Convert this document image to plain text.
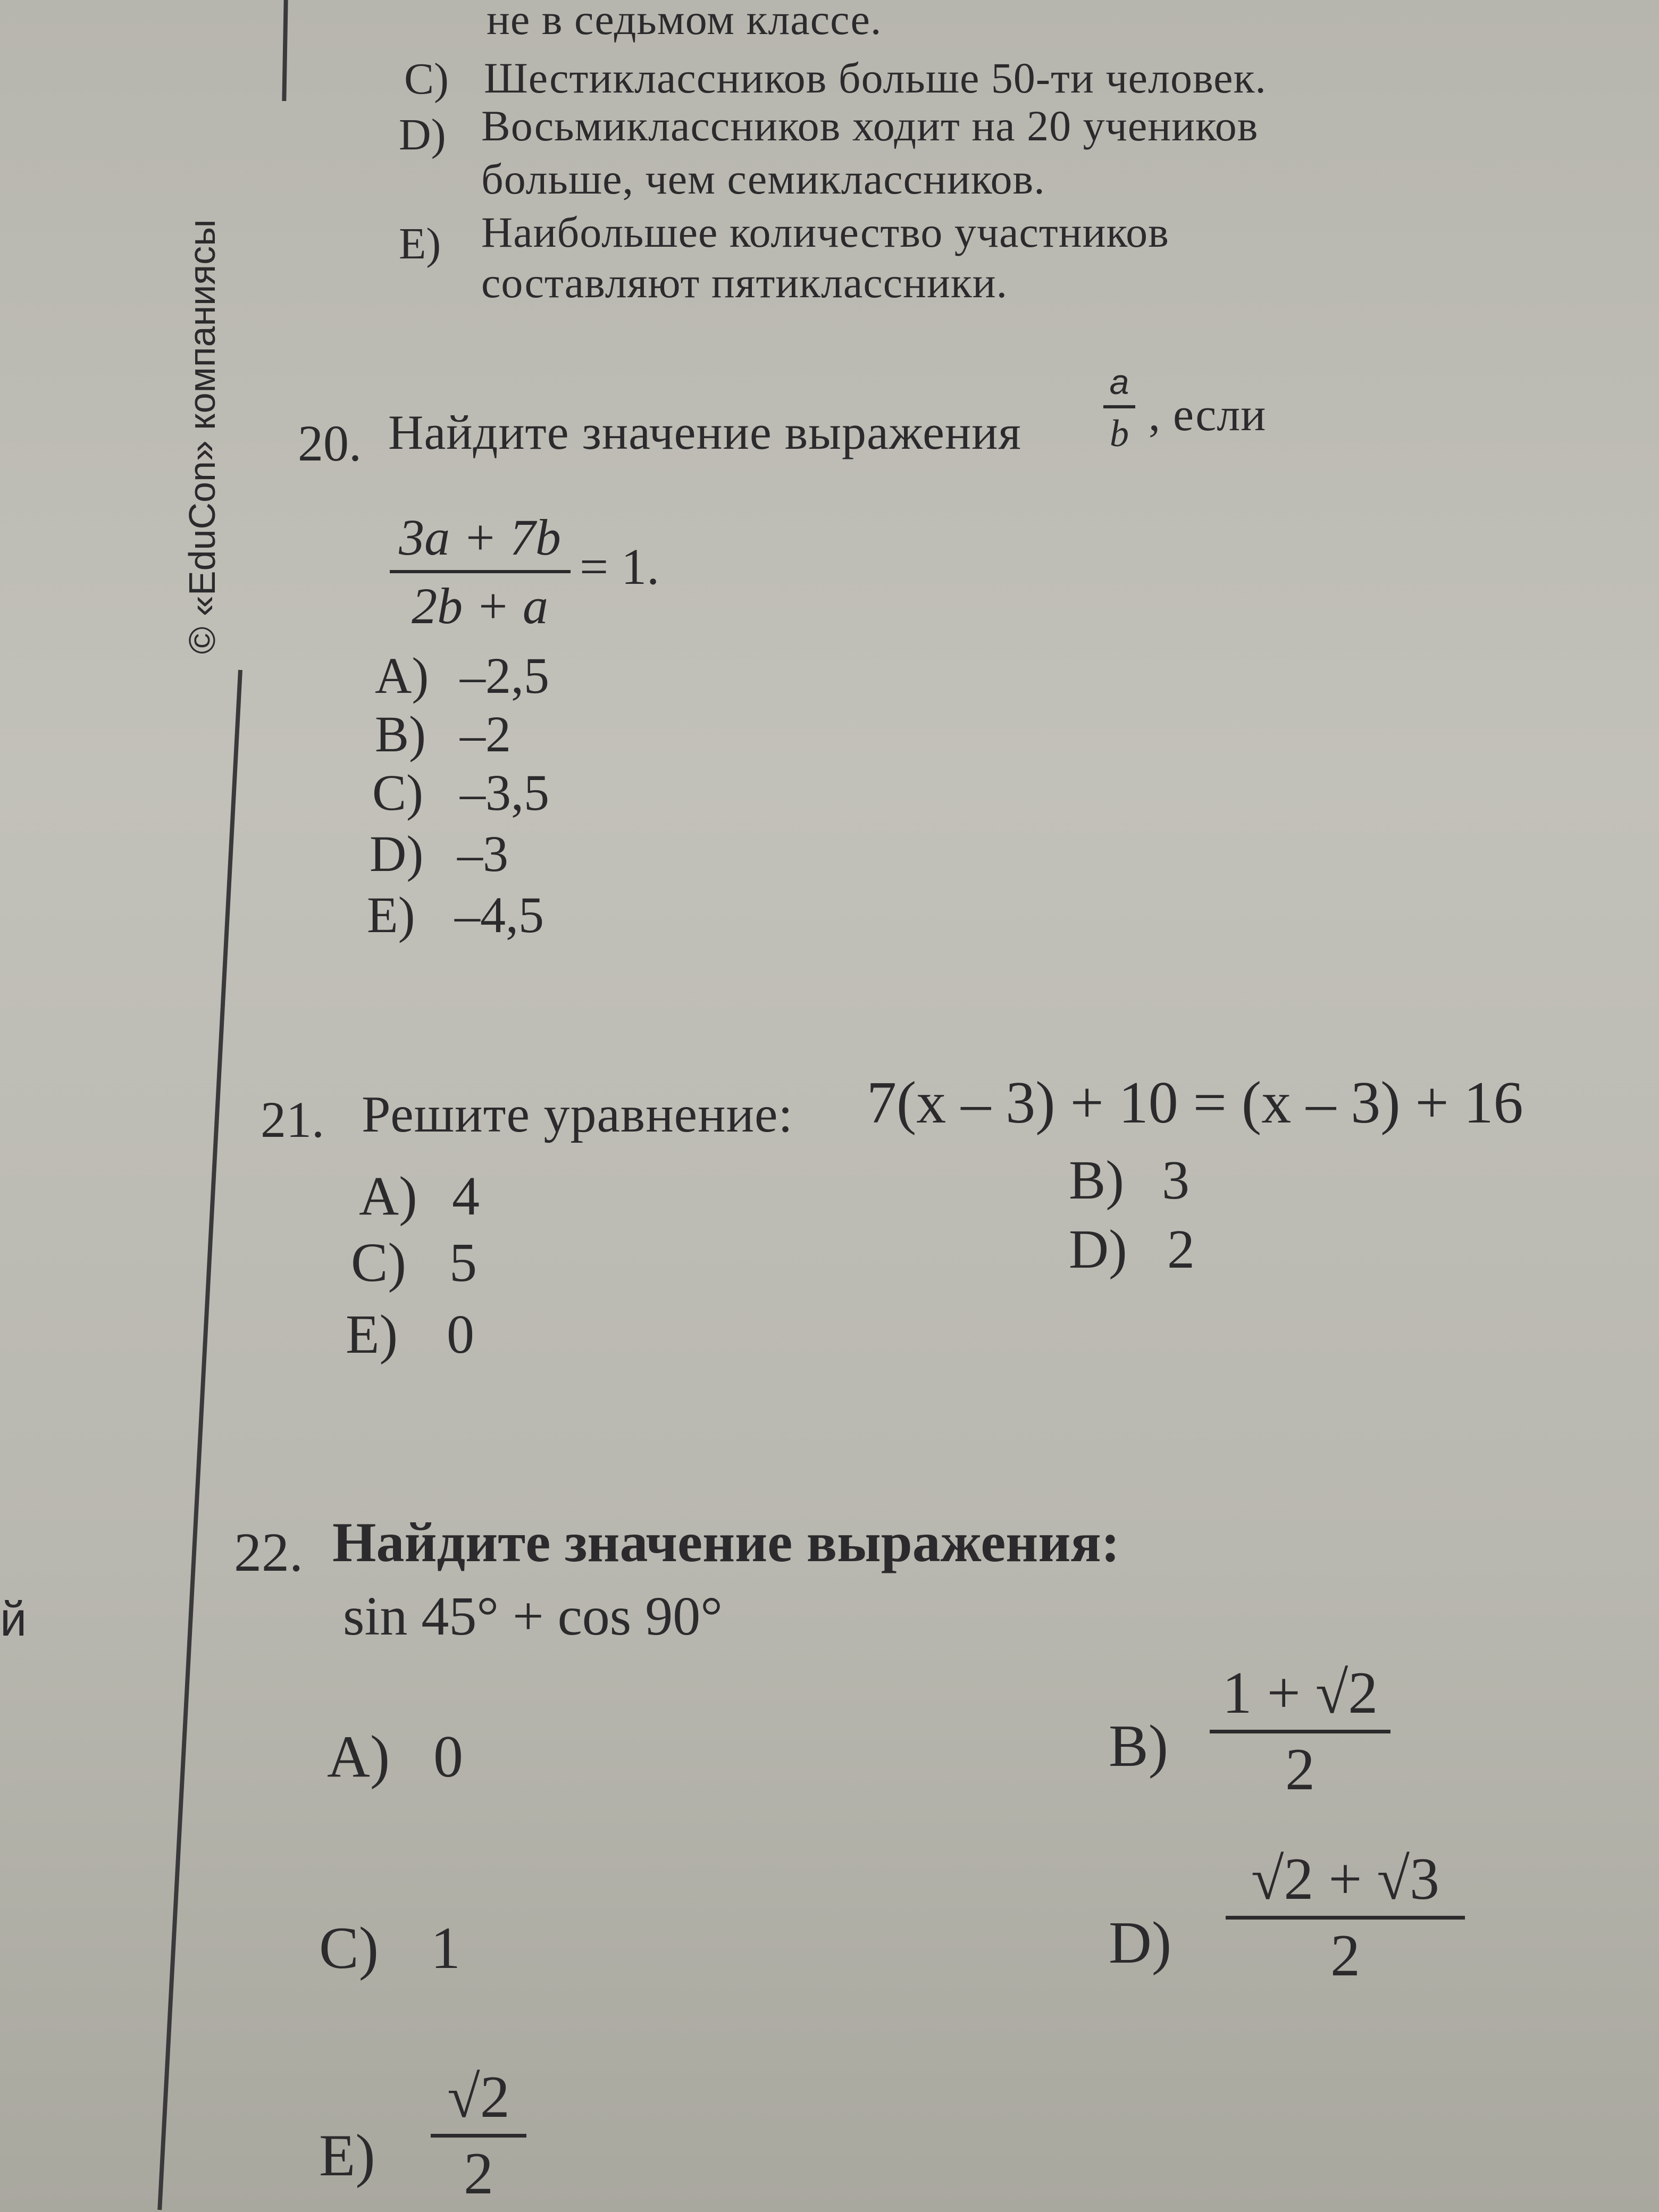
© «EduCon» компаниясы
й
не в седьмом классе.
C) Шестиклассников больше 50-ти человек.
D) Восьмиклассников ходит на 20 учеников
больше, чем семиклассников.
E) Наибольшее количество участников
составляют пятиклассники.
20. Найдите значение выражения
a
b , если
3a + 7b
2b + a
= 1.
A) –2,5
B) –2
C) –3,5
D) –3
E) –4,5
21. Решите уравнение: 7(x – 3) + 10 = (x – 3) + 16
A) 4	B) 3
C) 5	D) 2
E) 0
22. Найдите значение выражения:
sin 45° + cos 90°
A) 0	B)
1 + √2
2
C) 1	D)
√2 + √3
2
E)
√2
2
